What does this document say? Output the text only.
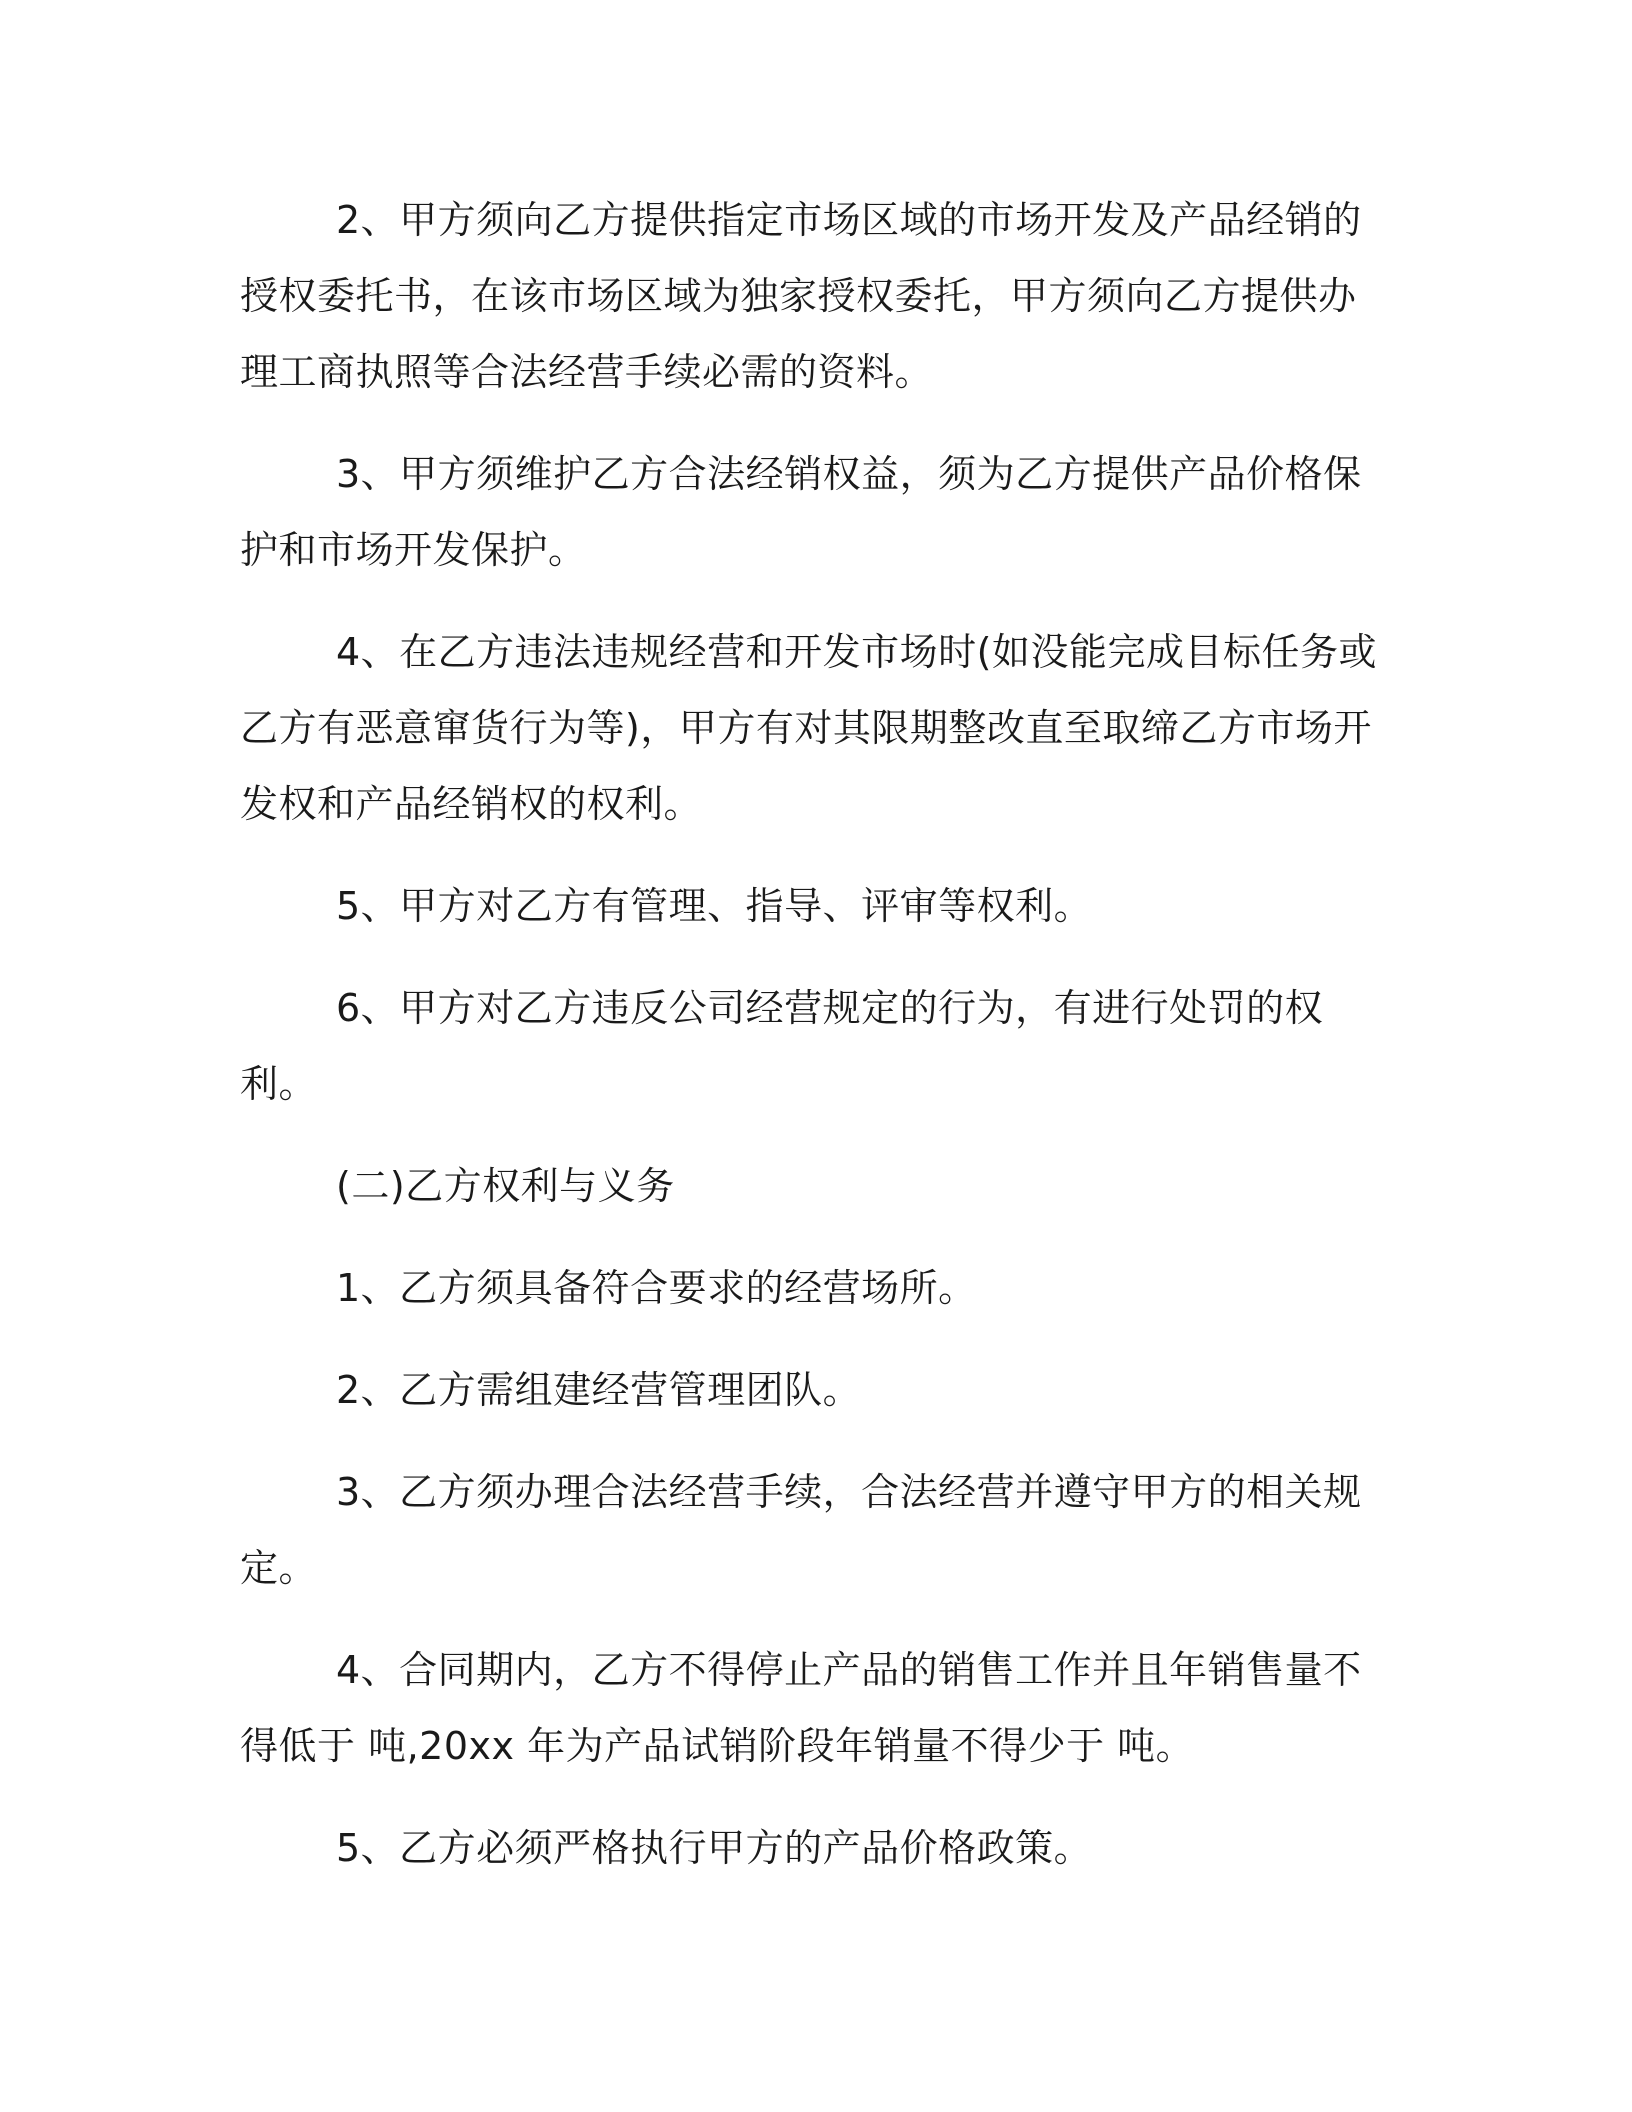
2、甲方须向乙方提供指定市场区域的市场开发及产品经销的授权委托书，在该市场区域为独家授权委托，甲方须向乙方提供办理工商执照等合法经营手续必需的资料。

3、甲方须维护乙方合法经销权益，须为乙方提供产品价格保护和市场开发保护。

4、在乙方违法违规经营和开发市场时(如没能完成目标任务或乙方有恶意窜货行为等)，甲方有对其限期整改直至取缔乙方市场开发权和产品经销权的权利。

5、甲方对乙方有管理、指导、评审等权利。

6、甲方对乙方违反公司经营规定的行为，有进行处罚的权利。

(二)乙方权利与义务

1、乙方须具备符合要求的经营场所。

2、乙方需组建经营管理团队。

3、乙方须办理合法经营手续，合法经营并遵守甲方的相关规定。

4、合同期内，乙方不得停止产品的销售工作并且年销售量不得低于 吨,20xx 年为产品试销阶段年销量不得少于 吨。

5、乙方必须严格执行甲方的产品价格政策。
